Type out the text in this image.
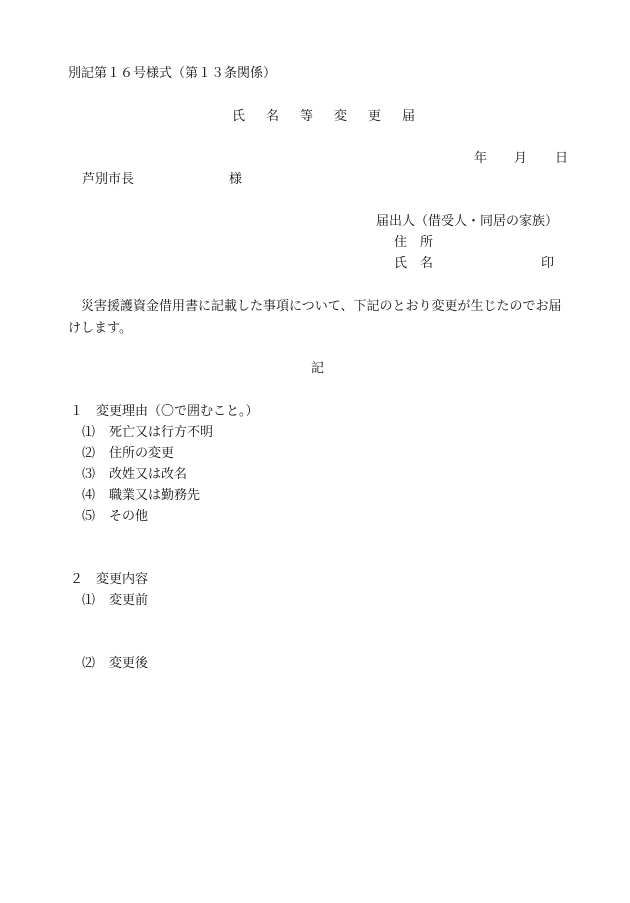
別記第１６号様式（第１３条関係）
氏名等変更届
年 月 日
芦別市長	様
届出人（借受人・同居の家族）
住　所
氏　名	印
災害援護資金借用書に記載した事項について、下記のとおり変更が生じたのでお届けします。
記
１ 変更理由（〇で囲むこと。）
⑴ 死亡又は行方不明
⑵ 住所の変更
⑶ 改姓又は改名
⑷ 職業又は勤務先
⑸ その他
２ 変更内容
⑴ 変更前
⑵ 変更後
